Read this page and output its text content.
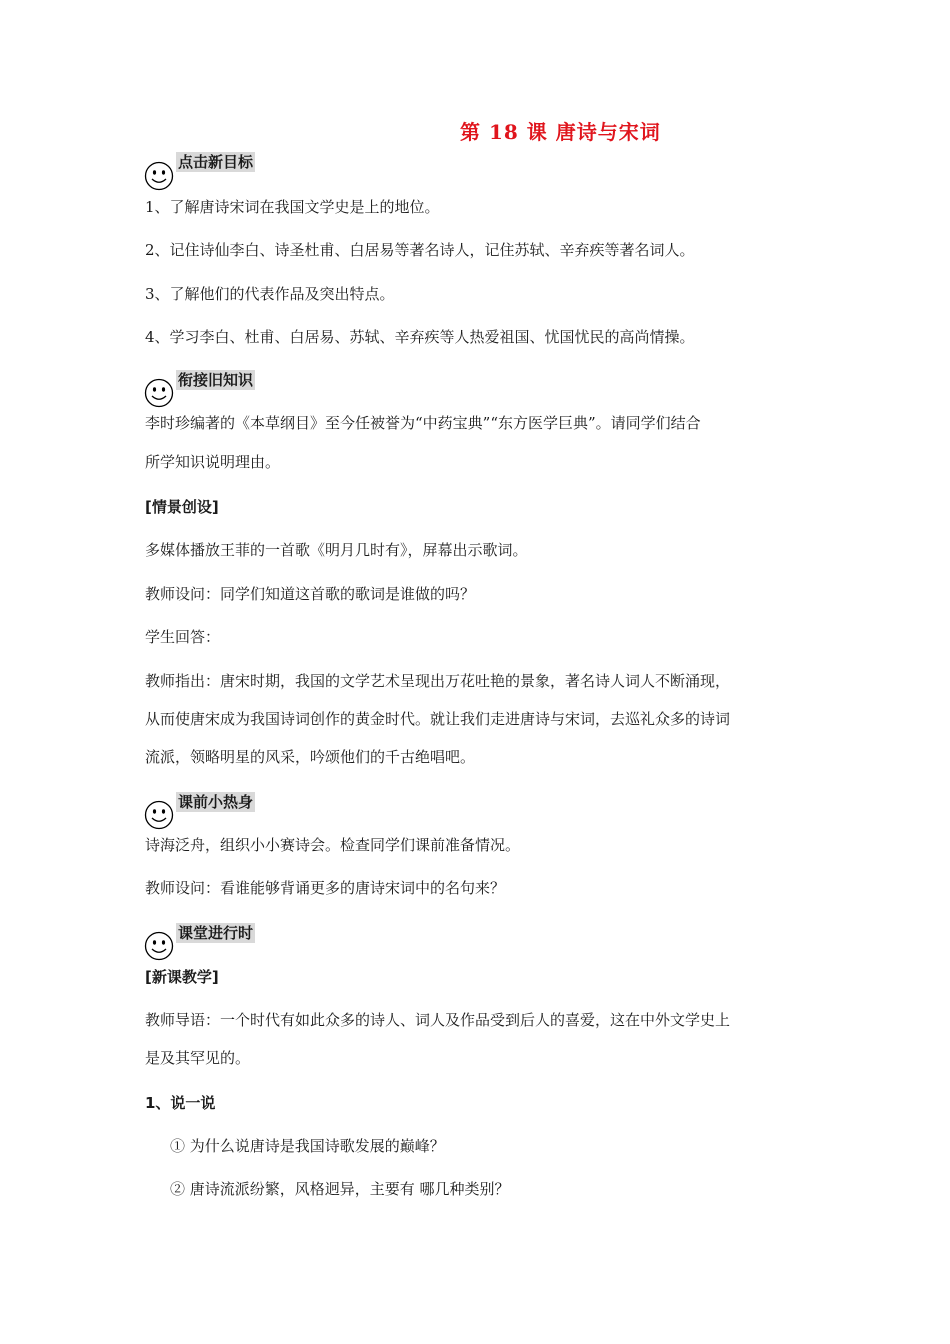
第 18 课 唐诗与宋词
点击新目标
1、了解唐诗宋词在我国文学史是上的地位。
2、记住诗仙李白、诗圣杜甫、白居易等著名诗人，记住苏轼、辛弃疾等著名词人。
3、了解他们的代表作品及突出特点。
4、学习李白、杜甫、白居易、苏轼、辛弃疾等人热爱祖国、忧国忧民的高尚情操。
衔接旧知识
李时珍编著的《本草纲目》至今任被誉为“中药宝典”“东方医学巨典”。请同学们结合
所学知识说明理由。
[情景创设]
多媒体播放王菲的一首歌《明月几时有》，屏幕出示歌词。
教师设问：同学们知道这首歌的歌词是谁做的吗？
学生回答：
教师指出：唐宋时期，我国的文学艺术呈现出万花吐艳的景象，著名诗人词人不断涌现，
从而使唐宋成为我国诗词创作的黄金时代。就让我们走进唐诗与宋词，去巡礼众多的诗词
流派，领略明星的风采，吟颂他们的千古绝唱吧。
课前小热身
诗海泛舟，组织小小赛诗会。检查同学们课前准备情况。
教师设问：看谁能够背诵更多的唐诗宋词中的名句来？
课堂进行时
[新课教学]
教师导语：一个时代有如此众多的诗人、词人及作品受到后人的喜爱，这在中外文学史上
是及其罕见的。
1、说一说
① 为什么说唐诗是我国诗歌发展的巅峰？
② 唐诗流派纷繁，风格迥异，主要有 哪几种类别？
